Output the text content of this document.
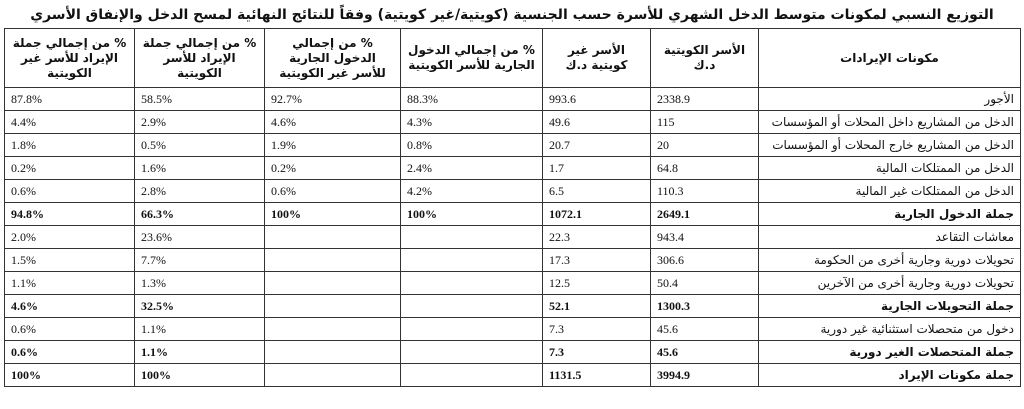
التوزيع النسبي لمكونات متوسط الدخل الشهري للأسرة حسب الجنسية (كويتية/غير كويتية) وفقاً للنتائج النهائية لمسح الدخل والإنفاق الأسري
مكونات الإيرادات	الأسر الكويتية د.ك	الأسر غير كويتية د.ك	% من إجمالي الدخول الجارية للأسر الكويتية	% من إجمالي الدخول الجارية للأسر غير الكويتية	% من إجمالي جملة الإيراد للأسر الكويتية	% من إجمالي جملة الإيراد للأسر غير الكويتية
الأجور	2338.9	993.6	88.3%	92.7%	58.5%	87.8%
الدخل من المشاريع داخل المحلات أو المؤسسات	115	49.6	4.3%	4.6%	2.9%	4.4%
الدخل من المشاريع خارج المحلات أو المؤسسات	20	20.7	0.8%	1.9%	0.5%	1.8%
الدخل من الممتلكات المالية	64.8	1.7	2.4%	0.2%	1.6%	0.2%
الدخل من الممتلكات غير المالية	110.3	6.5	4.2%	0.6%	2.8%	0.6%
جملة الدخول الجارية	2649.1	1072.1	100%	100%	66.3%	94.8%
معاشات التقاعد	943.4	22.3			23.6%	2.0%
تحويلات دورية وجارية أخرى من الحكومة	306.6	17.3			7.7%	1.5%
تحويلات دورية وجارية أخرى من الآخرين	50.4	12.5			1.3%	1.1%
جملة التحويلات الجارية	1300.3	52.1			32.5%	4.6%
دخول من متحصلات استثنائية غير دورية	45.6	7.3			1.1%	0.6%
جملة المتحصلات الغير دورية	45.6	7.3			1.1%	0.6%
جملة مكونات الإيراد	3994.9	1131.5			100%	100%
